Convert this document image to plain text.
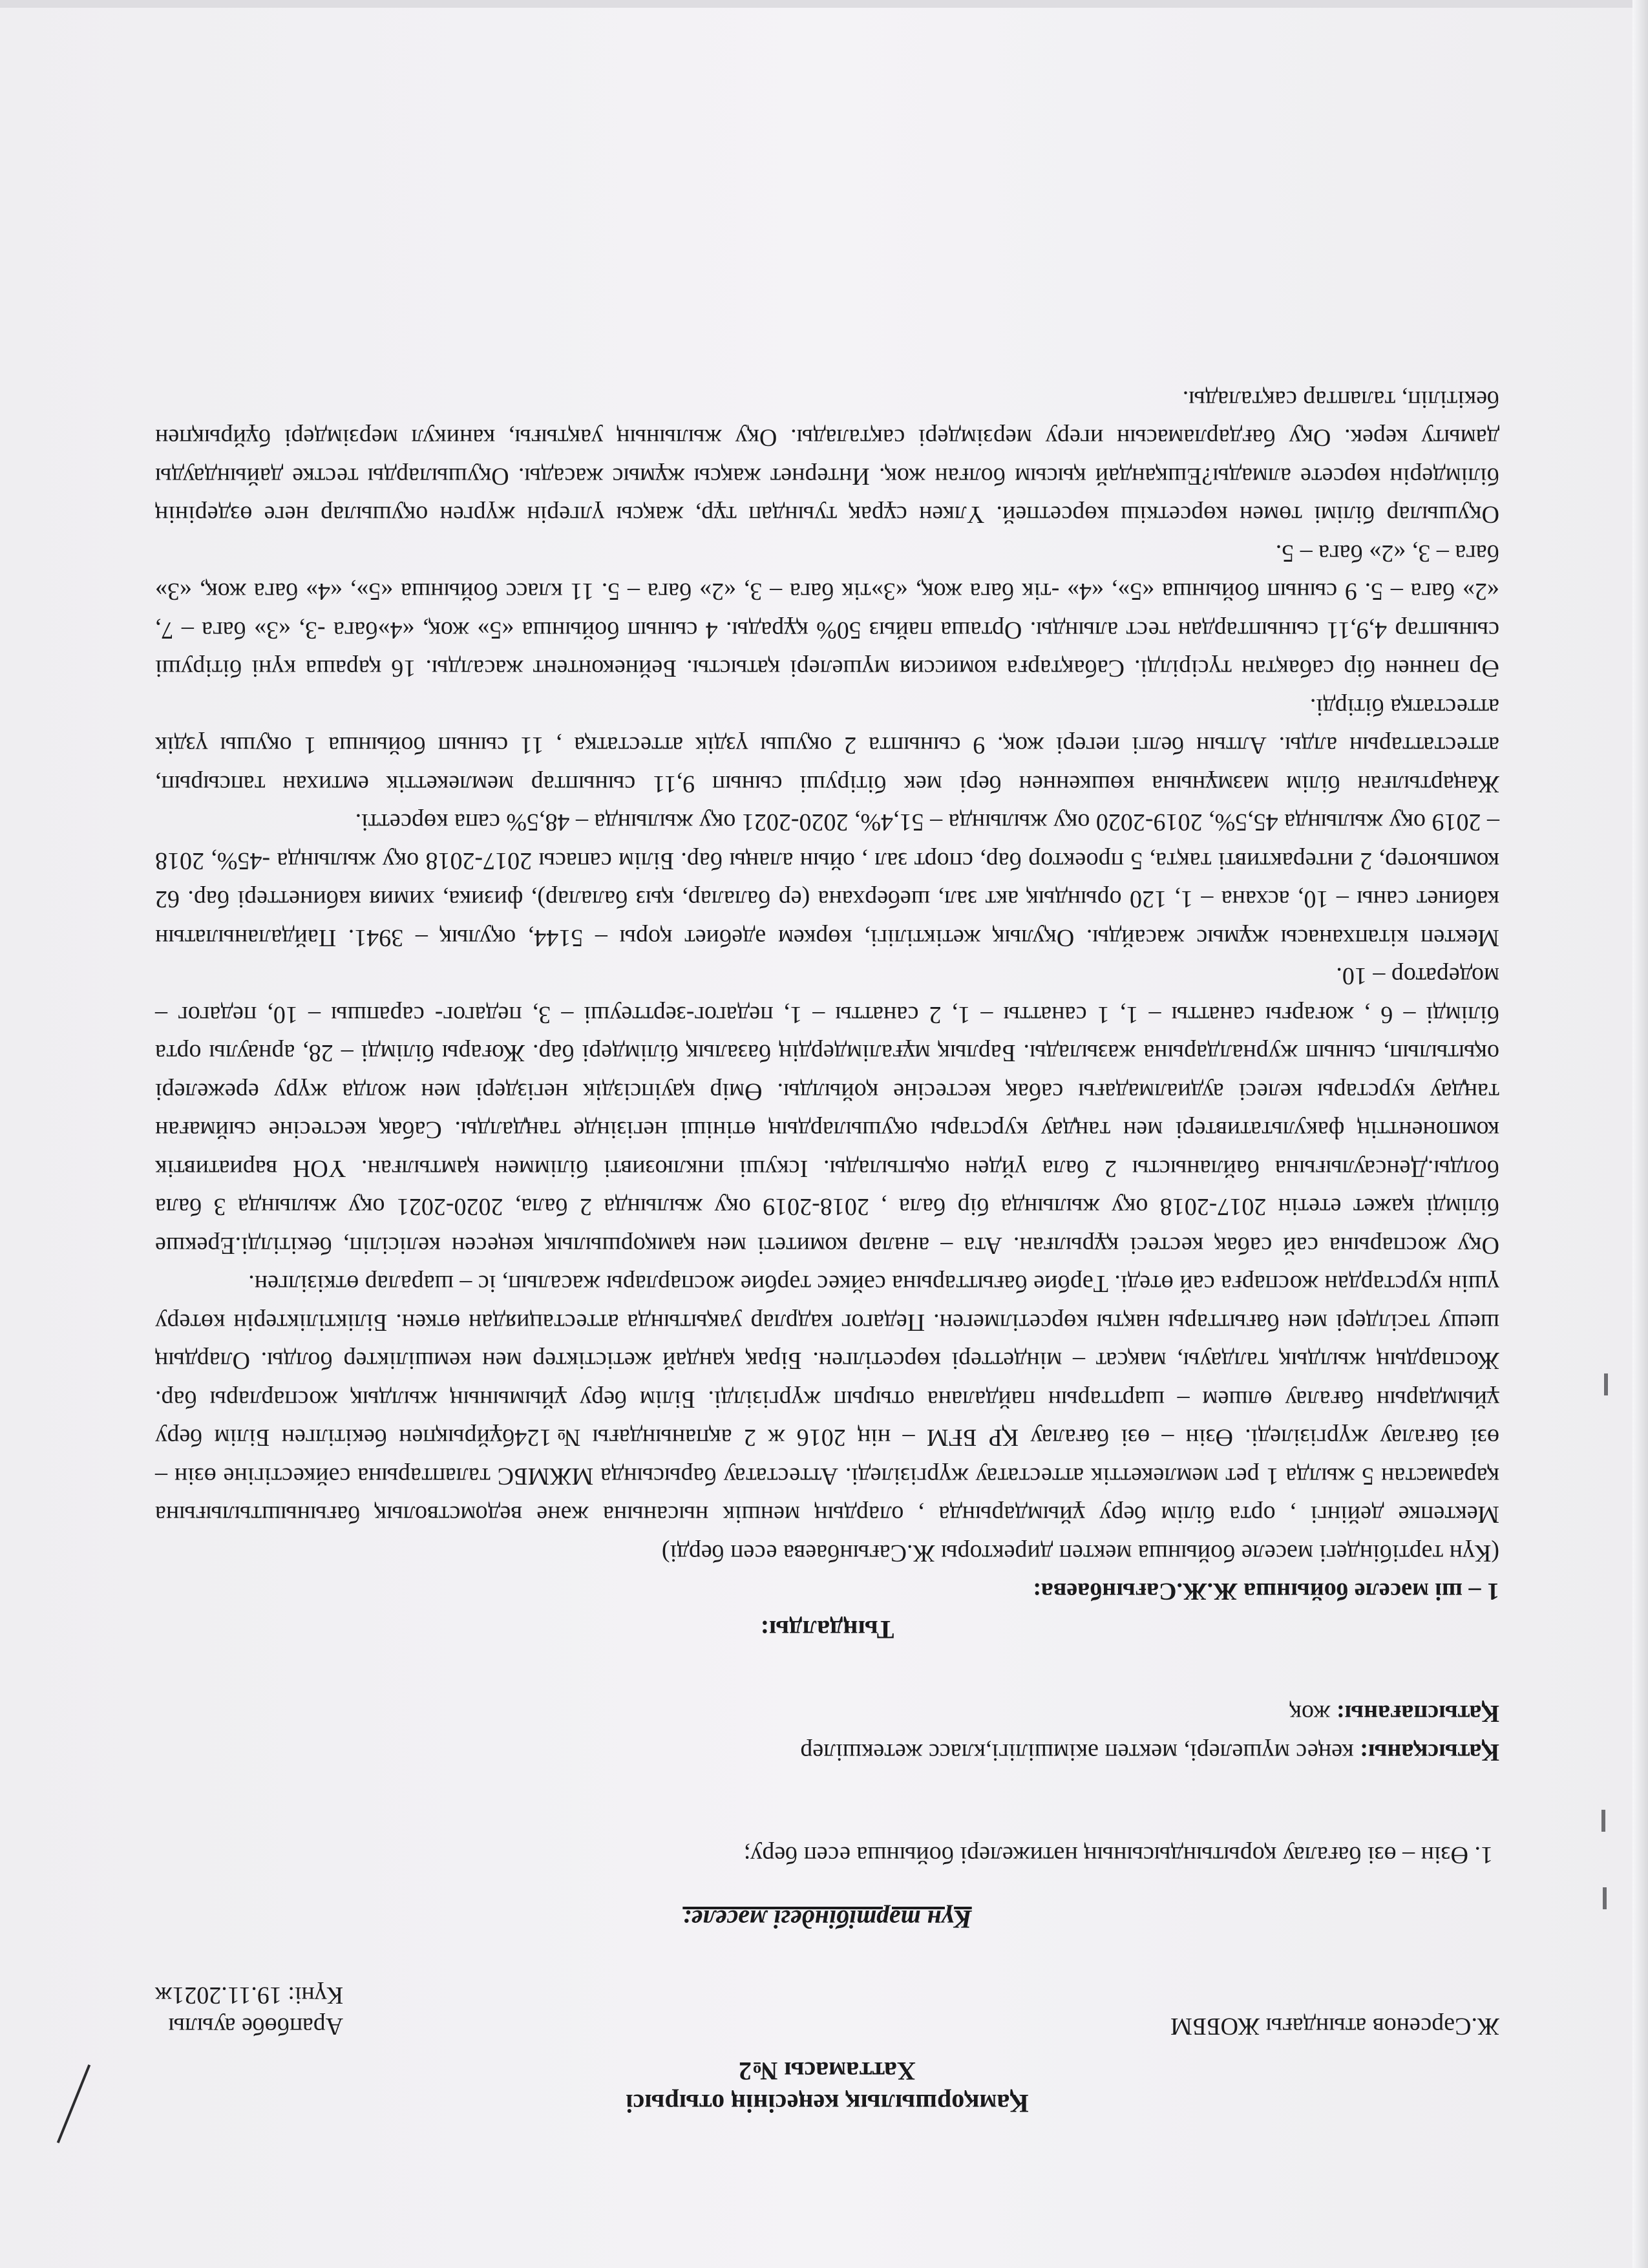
Қамқоршылық кеңесінің отырысі
Хаттамасы №2
Ж.Сәрсенов атындағы ЖОББМ
Арапбөбе ауылы
Күні: 19.11.2021ж
Күн тәртібіндегі мәселе:
1. Өзін – өзі бағалау қорытындысының нәтижелері бойынша есеп беру;
Қатысқаны: кеңес мүшелері, мектеп әкімшілігі,класс жетекшілер
Қатыспағаны: жоқ
Тыңдалды:
1 – ші мәселе бойынша Ж.Ж.Сағынбаева:
(Күн тәртібіндегі мәселе бойынша мектеп директоры Ж.Сағынбаева есеп берді)

Мектепке дейінгі , орта білім беру ұйымдарында , олардың меншік нысанына және ведомстволық бағыныштылығына қарамастан 5 жылда 1 рет мемлекеттік аттестатау жүргізіледі. Аттестатау барысында МЖМБС талаптарына сәйкестігіне өзін – өзі бағалау жүргізіледі. Өзін – өзі бағалау ҚР БҒМ – нің 2016 ж 2 ақпанындағы №124бұйрықпен бекітілген Білім беру ұйымдарын бағалау өлшем – шарттарын пайдалана отырып жүргізілді. Білім беру ұйымының жылдық жоспарлары бар. Жоспардың жылдық талдауы, мақсат – міндеттері көрсетілген. Бірақ қандай жетістіктер мен кемшіліктер болды. Олардың шешу тәсілдері мен бағыттары нақты көрсетілмеген. Педагог кадрлар уақытында аттестациядан өткен. Біліктіліктерін көтеру үшін курстардан жоспарға сай өтеді. Тәрбие бағыттарына сәйкес тәрбие жоспарлары жасалып, іс – шаралар өткізілген.

Оқу жоспарына сай сабақ кестесі құрылған. Ата – аналар комитеті мен қамқоршылық кеңесен келісіліп, бекітілді.Ерекше білімді қажет ететін 2017-2018 оқу жылында бір бала , 2018-2019 оқу жылында 2 бала, 2020-2021 оқу жылында 3 бала болды.Денсаулығына байланысты 2 бала үйден оқытылады. Іскуші инклюзивті біліммен қамтылған. ҮОН вариативтік компоненттің факультативтері мен таңдау курстары оқушылардың өтініші негізінде таңдалды. Сабақ кестесіне сыймаған таңдау курстары келесі аудиалмадағы сабақ кестесіне қойылды. Өмір қауіпсіздік негіздері мен жолда жүру ережелері оқытылып, сынып журналдарына жазылады. Барлық мұғалімдердің базалық білімдері бар. Жоғары білімді – 28, арнаулы орта білімді – 6 , жоғарғы санатты – 1, 1 санатты – 1, 2 санатты – 1, педагог-зерттеуші – 3, педагог- сарапшы – 10, педагог – модератор – 10.

Мектеп кітапханасы жұмыс жасайды. Оқулық жетіктілігі, көркем әдебиет қоры – 5144, оқулық – 3941. Пайдаланылатын кабинет саны – 10, асхана – 1, 120 орындық акт зал, шеберхана (ер балалар, қыз балалар), физика, химия кабинеттері бар. 62 компьютер, 2 интерактивті тақта, 5 проектор бар, спорт зал , ойын алаңы бар. Білім сапасы 2017-2018 оқу жылында -45%, 2018 – 2019 оқу жылында 45,5%, 2019-2020 оқу жылында – 51,4%, 2020-2021 оқу жылында – 48,5% сапа көрсетті.

Жаңартылған білім мазмұнына көшкеннен бері мек бітіруші сынып 9,11 сыныптар мемлекеттік емтихан тапсырып, аттестаттарын алды. Алтын белгі иегері жоқ. 9 сыныпта 2 оқушы үздік аттестатқа , 11 сынып бойынша 1 оқушы үздік аттестатқа бітірді.

Әр пәннен бір сабақтан түсірілді. Сабақтарға комиссия мүшелері қатысты. Бейнеконтент жасалды. 16 қараша күні бітіруші сыныптар 4,9,11 сыныптардан тест алынды. Орташа пайыз 50% құрады. 4 сынып бойынша «5» жоқ, «4»бага -3, «3» бага – 7, «2» бага – 5. 9 сынып бойынша «5», «4» -тік бага жоқ, «3»тік бага – 3, «2» бага – 5. 11 класс бойынша «5», «4» бага жоқ, «3» бага – 3, «2» бага – 5.

Оқушылар білімі төмен көрсеткіш көрсетпей. Үлкен сұрақ туындап тұр, жақсы үлгерін жүрген оқушылар неге өздерінің білімдерін көрсете алмады?Ешқандай қысым болған жоқ. Интернет жақсы жұмыс жасады. Оқушыларды тестке дайындауды дамыту керек. Оқу бағдарламасын игеру мерзімдері сақталады. Оқу жылының уақтығы, каникул мерзімдері бұйрықпен бекітіліп, талаптар сақталады.
